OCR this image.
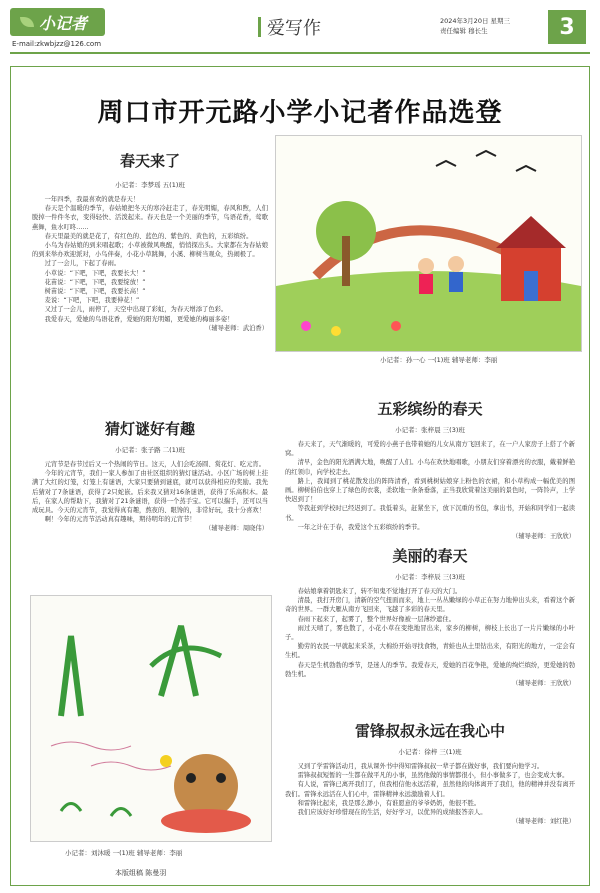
小记者
E-mail:zkwbjzz@126.com
爱写作	2024年3月20日 星期三
责任编辑 穆长生	3
周口市开元路小学小记者作品选登
春天来了
小记者：李梦瑶 五(1)班

一年四季，我最喜欢的就是春天！

春天是个温暖的季节，春姑娘把冬天的寒冷赶走了，春光明媚，春风和煦，人们脱掉一件件冬衣，变得轻快、活泼起来。春天也是一个美丽的季节，鸟语花香，莺歌燕舞，鱼水叮咚……

春天里最美的就是花了，有红色的、蓝色的、紫色的、黄色的，五彩缤纷。

小鸟为春姑娘的到来唱起歌；小草被微风唤醒，悄悄探出头。大家都在为春姑娘的到来举办欢迎派对，小鸟伴奏，小花小草跳舞，小溪、柳树当观众，热闹极了。

过了一会儿，下起了春雨。

小草说：“下吧，下吧，我要长大！”

花苗说：“下吧，下吧，我要绽放！”

树苗说：“下吧，下吧，我要长高！”

麦说：“下吧，下吧，我要伸花！”

又过了一会儿，雨停了，天空中出现了彩虹，为春天增添了色彩。

我爱春天，爱她的鸟语花香，爱她的阳光明媚，更爱她的梅丽多姿！

（辅导老师：武泊香）
小记者：孙一心 一(1)班 辅导老师：李丽
猜灯谜好有趣
小记者：张子路 二(1)班

元宵节是春节过后又一个热闹的节日。这天，人们会吃汤圆、赏花灯、吃元宵。

今年的元宵节，我们一家人参加了由社区组织的猜灯谜活动。小区广场的树上挂满了大红的灯笼，灯笼上有谜语，大家只要猜到谜底，就可以获得相应的奖励。我先后猜对了7条谜语，获得了2只蛇嵌。后来我又猜对16条谜语，获得了乐高积木。最后，在家人的帮助下，我猜对了21条谜语，获得一个蒸手宝。它可以揣手，还可以当成玩具。今天的元宵节，我觉得真有趣，熬夜的、眼馋的，非常好玩，我十分喜欢！

啊！今年的元宵节活动真有趣味，期待明年的元宵节！

（辅导老师：周晓伟）
小记者：刘沐暖 一(1)班 辅导老师：李丽
本版组稿 陈曼羽
五彩缤纷的春天
小记者：张梓晨 三(3)班

春天来了，天气渐暖的，可爱的小燕子也带着她的儿女从南方飞回来了，在一户人家房子上搭了个新窝。

清早，金色的阳光洒满大地，唤醒了人们。小鸟在欢快地唱歌，小朋友们穿着漂亮的衣服，戴着鲜艳的红领巾，向学校走去。

路上，我闻到了桃花散发出的阵阵清香，看到桃树姑娘穿上粉色的衣裙，和小草构成一幅优美的图画。柳树伯伯也穿上了绿色的衣裳，柔软地一条条垂落，正当我欣赏着这美丽的景色时，一阵铃声，上学快迟到了！

等我赶到学校时已经迟到了。我低着头，赶紧坐下，放下沉重的书包，拿出书，开始和同学们一起读书。

一年之计在于春，我爱这个五彩缤纷的季节。

（辅导老师：王欣欣）
美丽的春天
小记者：李梓辰 三(3)班

春姑娘拿着钥匙来了，转不知鬼不觉地打开了春天的大门。

清晨，我打开房门，清新的空气扭面而来，地上一丛丛嫩绿的小草正在努力地伸出头来，看着这个新奇的世界。一群大雁从南方飞回来，飞越了多彩的春天里。

春雨下起来了，起雾了，整个世界好像被一层薄纱遮住。

雨过天晴了，雾也散了，小花小草在变绝地冒出来，家乡的柳树，柳枝上长出了一片片嫩绿的小叶子。

勤劳的农民一早就起来采茶，大棉纷开始寻找食物，青蛙也从土里钻出来，有阳光的地方，一定会有生机。

春天是生机勃勃的季节，是迷人的季节。我爱春天，爱她的百花争艳，爱她的绚烂缤纷，更爱她的勃勃生机。

（辅导老师：王欣欣）
雷锋叔叔永远在我心中
小记者：徐梓 三(1)班

又到了学雷锋活动月，我从课外书中得知雷锋叔叔一辈子都在做好事，我们要向他学习。

雷锋叔叔短暂的一生都在做平凡的小事，虽然他做的事情都很小，但小事做多了，也会变成大事。

有人说，雷锋已离开我们了，但我相信他永远活着，虽然他的肉体离开了我们，他的精神并没有离开我们。雷锋永远活在人们心中，雷锋精神永远激励着人们。

和雷锋比起来，我是那么渺小，有谁愿意的爷爷奶奶，他很不胜。

我们应该好好珍惜现在的生活，好好学习，以优异的成绩报答亲人。

（辅导老师：刘红艳）
